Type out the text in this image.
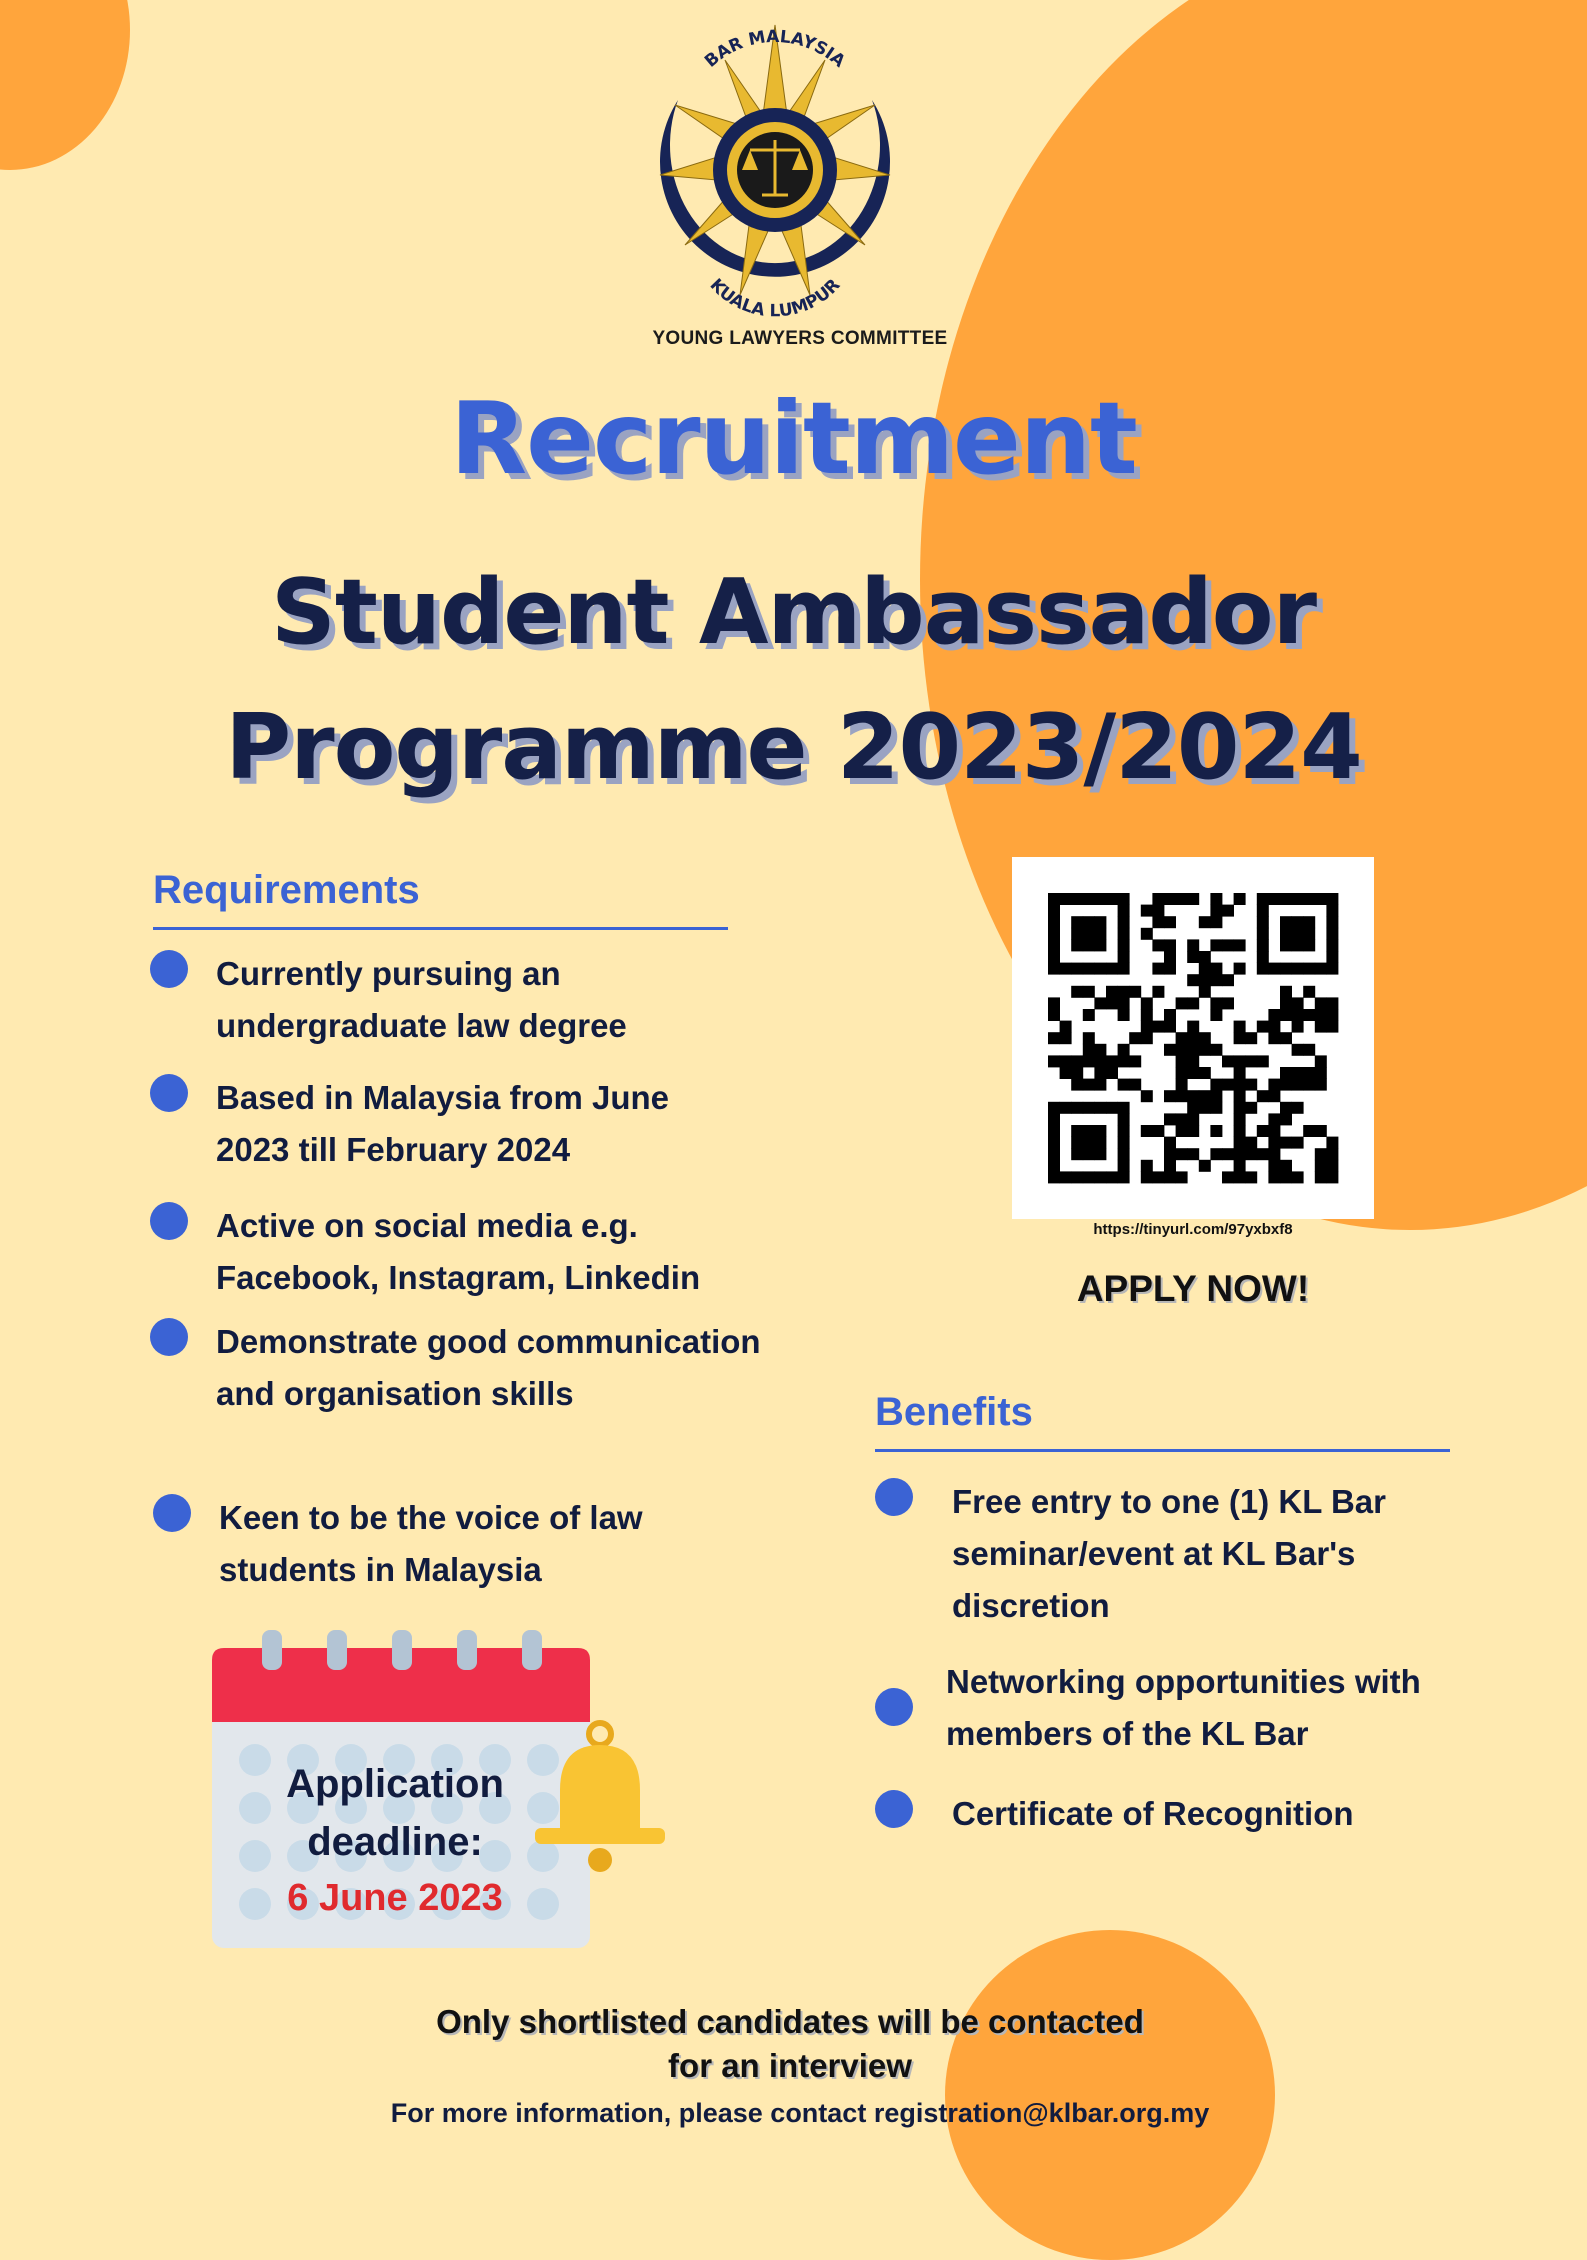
BAR MALAYSIA
KUALA LUMPUR
YOUNG LAWYERS COMMITTEE
Recruitment
Student Ambassador
Programme 2023/2024
Requirements
Currently pursuing an undergraduate law degree
Based in Malaysia from June 2023 till February 2024
Active on social media e.g. Facebook, Instagram, Linkedin
Demonstrate good communication and organisation skills
Keen to be the voice of law students in Malaysia
https://tinyurl.com/97yxbxf8
APPLY NOW!
Benefits
Free entry to one (1) KL Bar seminar/event at KL Bar's discretion
Networking opportunities with members of the KL Bar
Certificate of Recognition
Application deadline:
6 June 2023
Only shortlisted candidates will be contacted for an interview
For more information, please contact registration@klbar.org.my
